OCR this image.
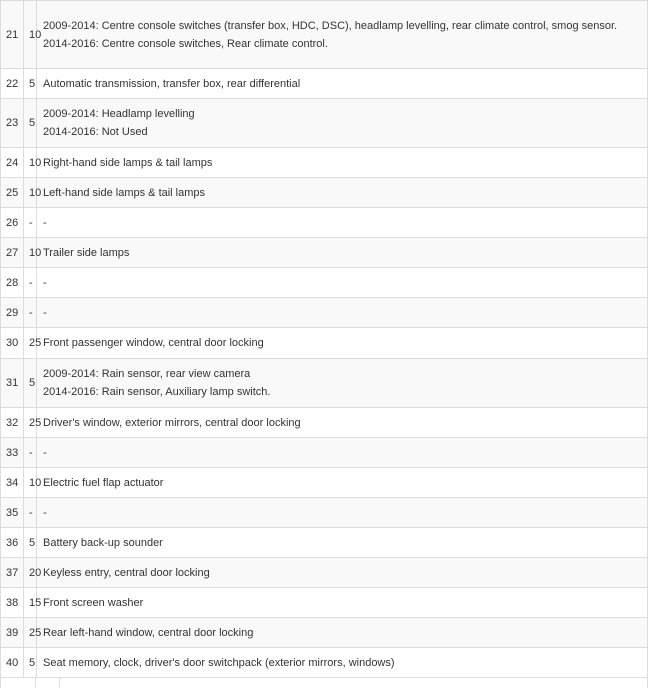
21	10	2009-2014: Centre console switches (transfer box, HDC, DSC), headlamp levelling, rear climate control, smog sensor.
2014-2016: Centre console switches, Rear climate control.

22	5	Automatic transmission, transfer box, rear differential

23	5	2009-2014: Headlamp levelling
2014-2016: Not Used

24	10	Right-hand side lamps & tail lamps

25	10	Left-hand side lamps & tail lamps

26	-	-

27	10	Trailer side lamps

28	-	-

29	-	-

30	25	Front passenger window, central door locking

31	5	2009-2014: Rain sensor, rear view camera
2014-2016: Rain sensor, Auxiliary lamp switch.

32	25	Driver's window, exterior mirrors, central door locking

33	-	-

34	10	Electric fuel flap actuator

35	-	-

36	5	Battery back-up sounder

37	20	Keyless entry, central door locking

38	15	Front screen washer

39	25	Rear left-hand window, central door locking

40	5	Seat memory, clock, driver's door switchpack (exterior mirrors, windows)
